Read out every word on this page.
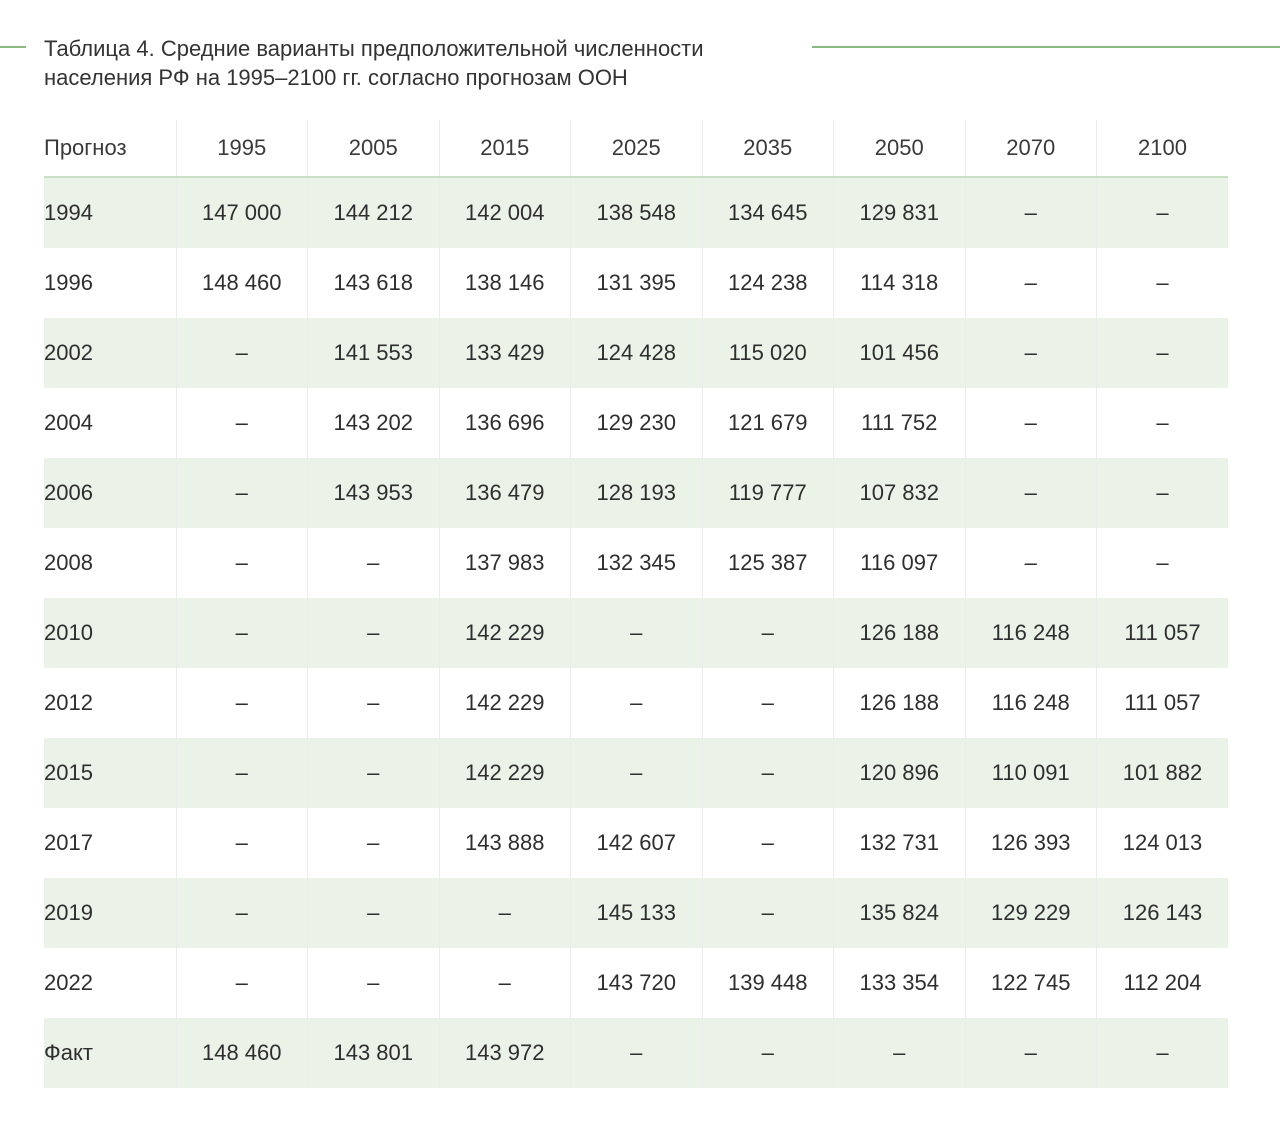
Таблица 4. Средние варианты предположительной численности
населения РФ на 1995–2100 гг. согласно прогнозам ООН
Прогноз	1995	2005	2015	2025	2035	2050	2070	2100
1994	147 000	144 212	142 004	138 548	134 645	129 831	–	–
1996	148 460	143 618	138 146	131 395	124 238	114 318	–	–
2002	–	141 553	133 429	124 428	115 020	101 456	–	–
2004	–	143 202	136 696	129 230	121 679	111 752	–	–
2006	–	143 953	136 479	128 193	119 777	107 832	–	–
2008	–	–	137 983	132 345	125 387	116 097	–	–
2010	–	–	142 229	–	–	126 188	116 248	111 057
2012	–	–	142 229	–	–	126 188	116 248	111 057
2015	–	–	142 229	–	–	120 896	110 091	101 882
2017	–	–	143 888	142 607	–	132 731	126 393	124 013
2019	–	–	–	145 133	–	135 824	129 229	126 143
2022	–	–	–	143 720	139 448	133 354	122 745	112 204
Факт	148 460	143 801	143 972	–	–	–	–	–
